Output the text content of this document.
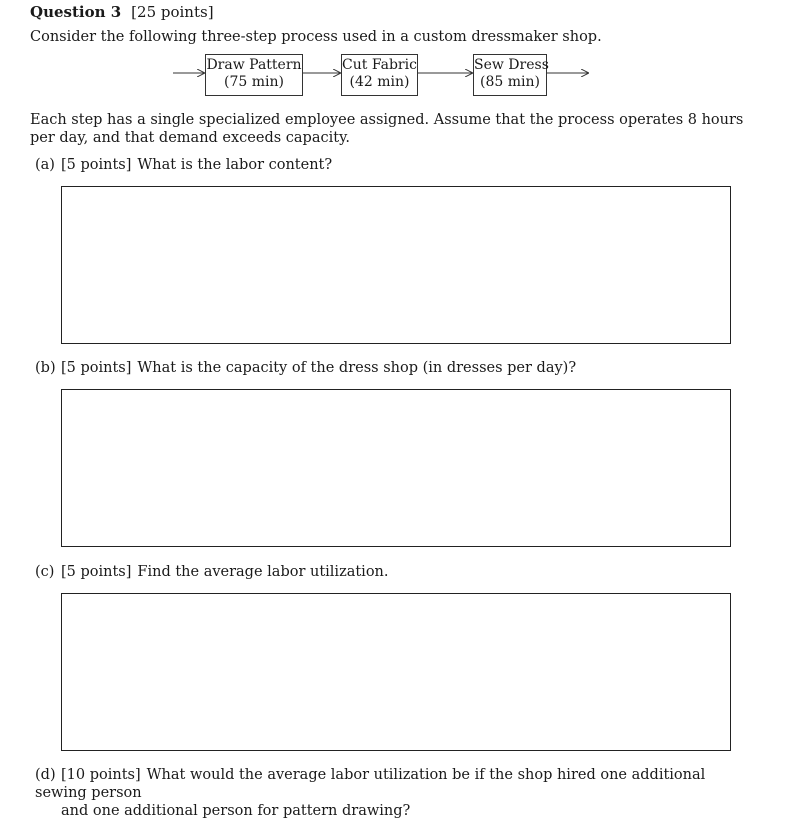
Question 3 [25 points]
Consider the following three-step process used in a custom dressmaker shop.
Draw Pattern
(75 min)
Cut Fabric
(42 min)
Sew Dress
(85 min)
Each step has a single specialized employee assigned. Assume that the process operates 8 hours per day, and that demand exceeds capacity.
(a) [5 points] What is the labor content?
(b) [5 points] What is the capacity of the dress shop (in dresses per day)?
(c) [5 points] Find the average labor utilization.
(d) [10 points] What would the average labor utilization be if the shop hired one additional sewing person
and one additional person for pattern drawing?
